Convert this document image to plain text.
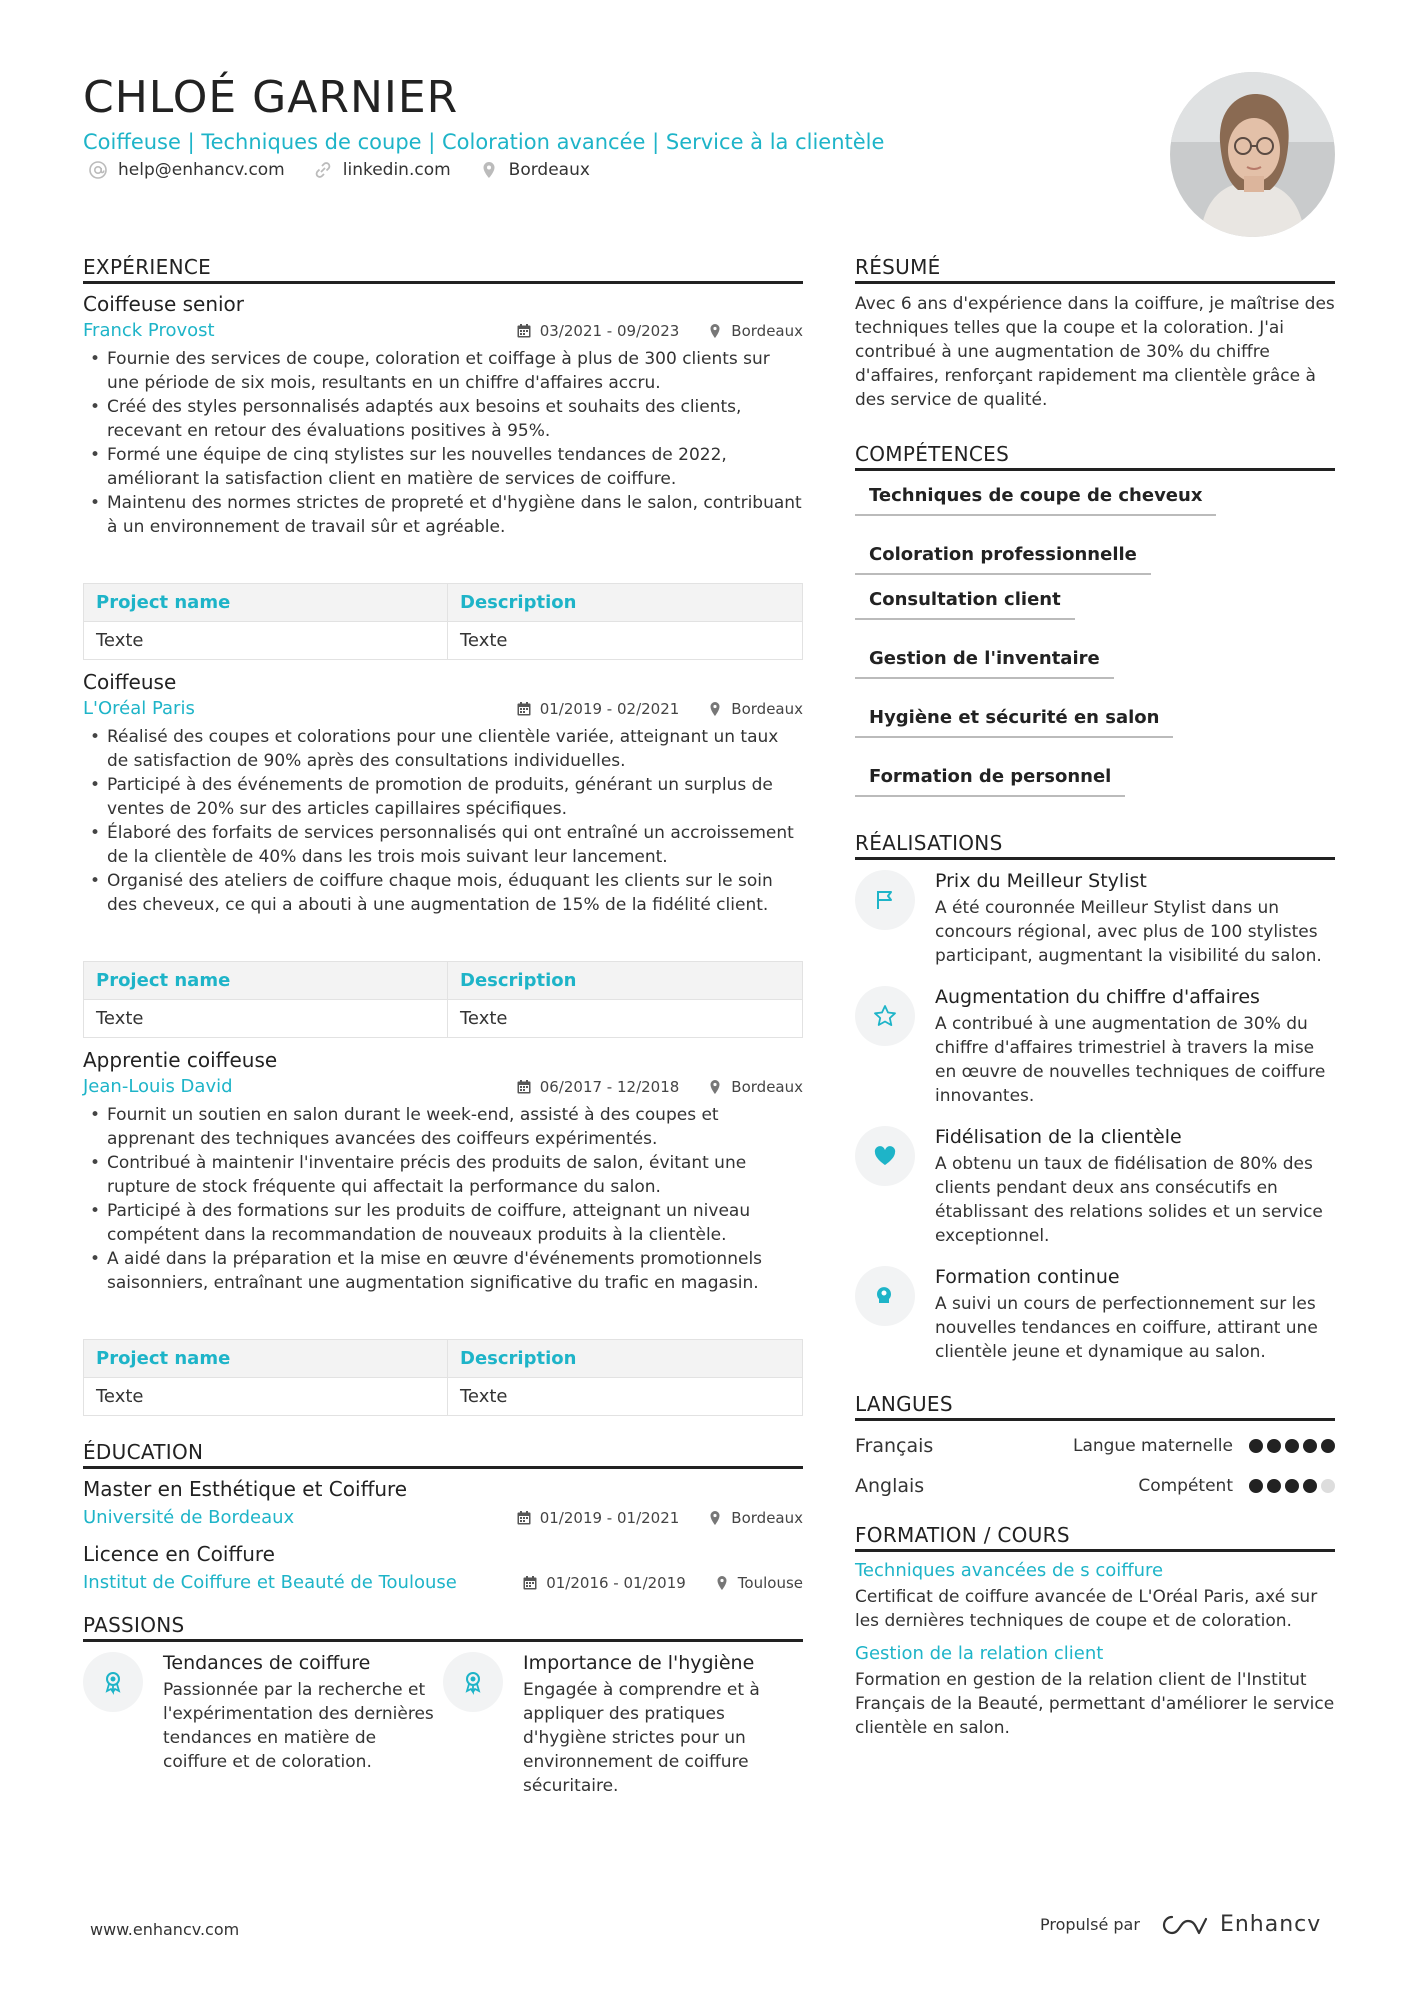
CHLOÉ GARNIER
Coiffeuse | Techniques de coupe | Coloration avancée | Service à la clientèle
help@enhancv.com	linkedin.com	Bordeaux
EXPÉRIENCE
Coiffeuse senior
Franck Provost	03/2021 - 09/2023	Bordeaux
• Fournie des services de coupe, coloration et coiffage à plus de 300 clients sur une période de six mois, resultants en un chiffre d'affaires accru.
• Créé des styles personnalisés adaptés aux besoins et souhaits des clients, recevant en retour des évaluations positives à 95%.
• Formé une équipe de cinq stylistes sur les nouvelles tendances de 2022, améliorant la satisfaction client en matière de services de coiffure.
• Maintenu des normes strictes de propreté et d'hygiène dans le salon, contribuant à un environnement de travail sûr et agréable.
Project name	Description
Texte	Texte
Coiffeuse
L'Oréal Paris	01/2019 - 02/2021	Bordeaux
• Réalisé des coupes et colorations pour une clientèle variée, atteignant un taux de satisfaction de 90% après des consultations individuelles.
• Participé à des événements de promotion de produits, générant un surplus de ventes de 20% sur des articles capillaires spécifiques.
• Élaboré des forfaits de services personnalisés qui ont entraîné un accroissement de la clientèle de 40% dans les trois mois suivant leur lancement.
• Organisé des ateliers de coiffure chaque mois, éduquant les clients sur le soin des cheveux, ce qui a abouti à une augmentation de 15% de la fidélité client.
Project name	Description
Texte	Texte
Apprentie coiffeuse
Jean-Louis David	06/2017 - 12/2018	Bordeaux
• Fournit un soutien en salon durant le week-end, assisté à des coupes et apprenant des techniques avancées des coiffeurs expérimentés.
• Contribué à maintenir l'inventaire précis des produits de salon, évitant une rupture de stock fréquente qui affectait la performance du salon.
• Participé à des formations sur les produits de coiffure, atteignant un niveau compétent dans la recommandation de nouveaux produits à la clientèle.
• A aidé dans la préparation et la mise en œuvre d'événements promotionnels saisonniers, entraînant une augmentation significative du trafic en magasin.
Project name	Description
Texte	Texte
ÉDUCATION
Master en Esthétique et Coiffure
Université de Bordeaux	01/2019 - 01/2021	Bordeaux
Licence en Coiffure
Institut de Coiffure et Beauté de Toulouse	01/2016 - 01/2019	Toulouse
PASSIONS
Tendances de coiffure
Passionnée par la recherche et l'expérimentation des dernières tendances en matière de coiffure et de coloration.
Importance de l'hygiène
Engagée à comprendre et à appliquer des pratiques d'hygiène strictes pour un environnement de coiffure sécuritaire.
RÉSUMÉ
Avec 6 ans d'expérience dans la coiffure, je maîtrise des techniques telles que la coupe et la coloration. J'ai contribué à une augmentation de 30% du chiffre d'affaires, renforçant rapidement ma clientèle grâce à des service de qualité.
COMPÉTENCES
Techniques de coupe de cheveux
Coloration professionnelle
Consultation client
Gestion de l'inventaire
Hygiène et sécurité en salon
Formation de personnel
RÉALISATIONS
Prix du Meilleur Stylist
A été couronnée Meilleur Stylist dans un concours régional, avec plus de 100 stylistes participant, augmentant la visibilité du salon.
Augmentation du chiffre d'affaires
A contribué à une augmentation de 30% du chiffre d'affaires trimestriel à travers la mise en œuvre de nouvelles techniques de coiffure innovantes.
Fidélisation de la clientèle
A obtenu un taux de fidélisation de 80% des clients pendant deux ans consécutifs en établissant des relations solides et un service exceptionnel.
Formation continue
A suivi un cours de perfectionnement sur les nouvelles tendances en coiffure, attirant une clientèle jeune et dynamique au salon.
LANGUES
Français	Langue maternelle
Anglais	Compétent
FORMATION / COURS
Techniques avancées de s coiffure
Certificat de coiffure avancée de L'Oréal Paris, axé sur les dernières techniques de coupe et de coloration.
Gestion de la relation client
Formation en gestion de la relation client de l'Institut Français de la Beauté, permettant d'améliorer le service clientèle en salon.
www.enhancv.com	Propulsé par	Enhancv
